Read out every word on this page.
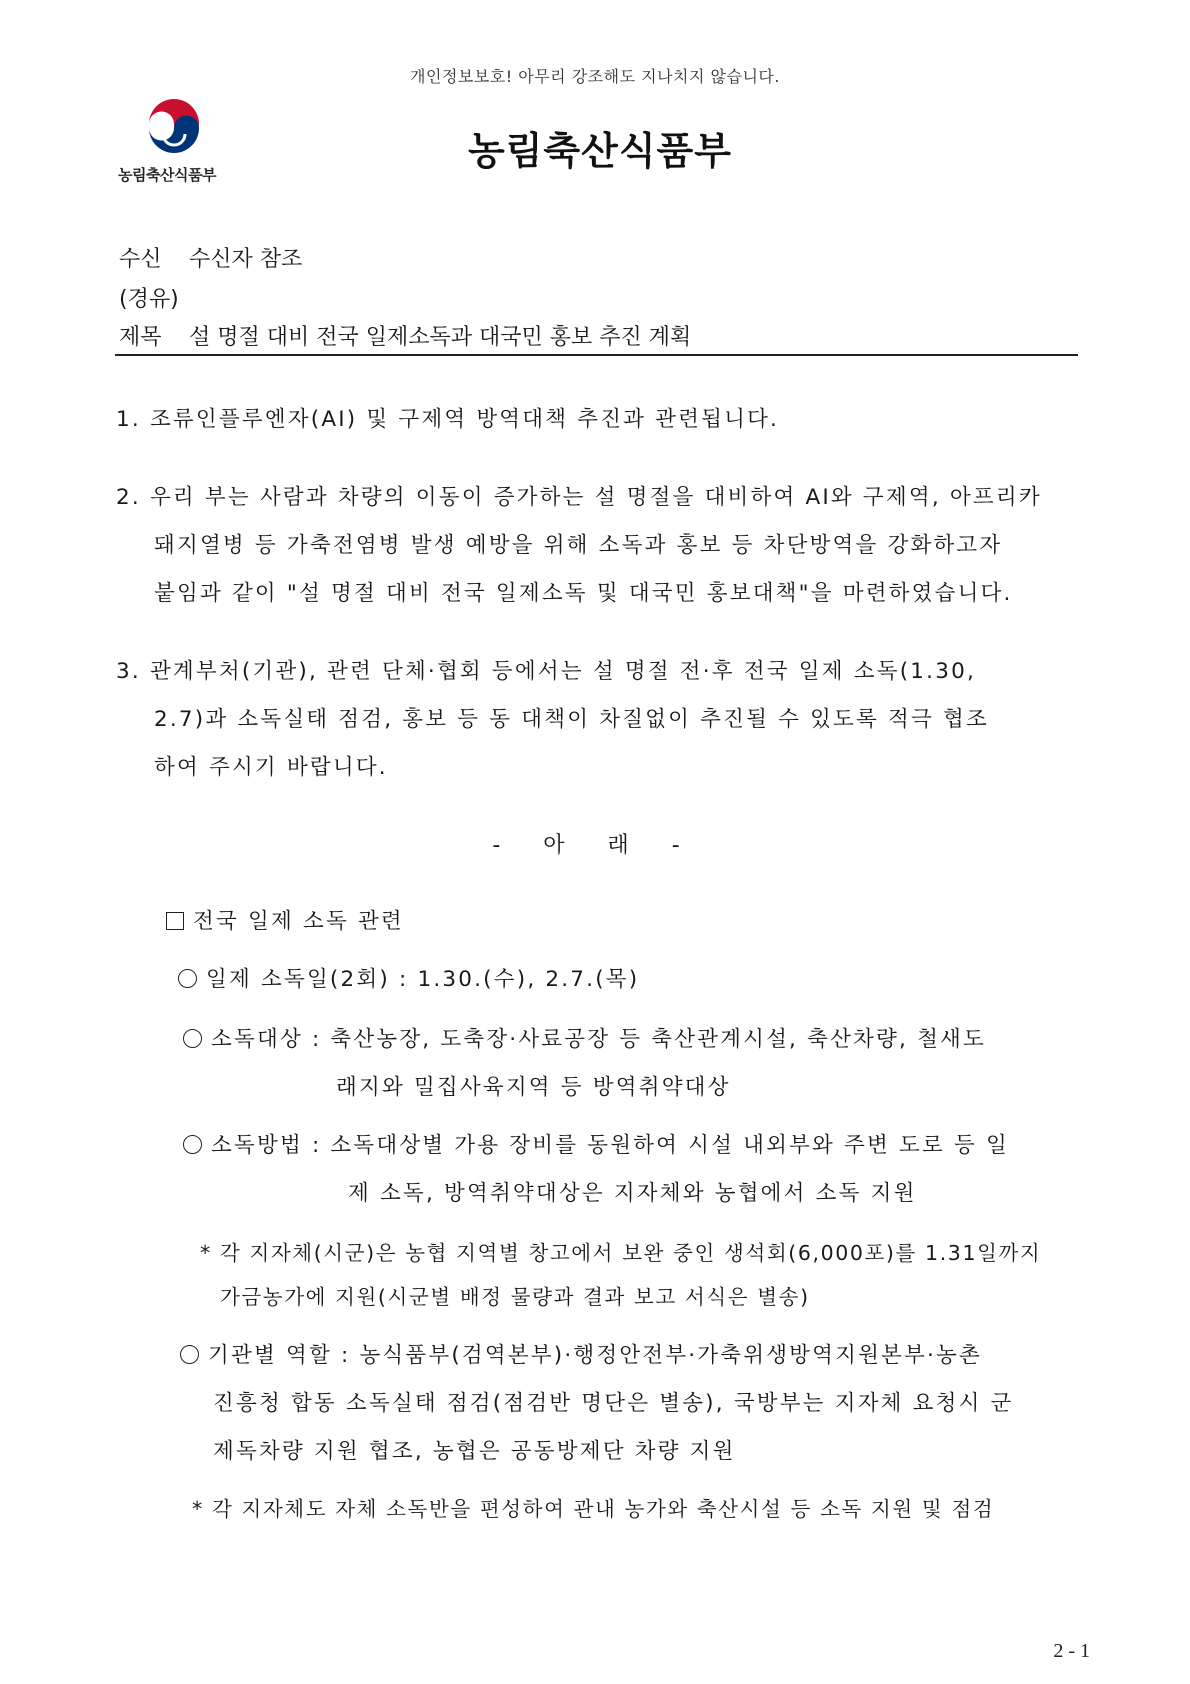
개인정보보호! 아무리 강조해도 지나치지 않습니다.
농림축산식품부
농림축산식품부
수신 수신자 참조
(경유)
제목 설 명절 대비 전국 일제소독과 대국민 홍보 추진 계획
1. 조류인플루엔자(AI) 및 구제역 방역대책 추진과 관련됩니다.
2. 우리 부는 사람과 차량의 이동이 증가하는 설 명절을 대비하여 AI와 구제역, 아프리카
돼지열병 등 가축전염병 발생 예방을 위해 소독과 홍보 등 차단방역을 강화하고자
붙임과 같이 "설 명절 대비 전국 일제소독 및 대국민 홍보대책"을 마련하였습니다.
3. 관계부처(기관), 관련 단체·협회 등에서는 설 명절 전·후 전국 일제 소독(1.30,
2.7)과 소독실태 점검, 홍보 등 동 대책이 차질없이 추진될 수 있도록 적극 협조
하여 주시기 바랍니다.
- 아 래 -
전국 일제 소독 관련
일제 소독일(2회) : 1.30.(수), 2.7.(목)
소독대상 : 축산농장, 도축장·사료공장 등 축산관계시설, 축산차량, 철새도
래지와 밀집사육지역 등 방역취약대상
소독방법 : 소독대상별 가용 장비를 동원하여 시설 내외부와 주변 도로 등 일
제 소독, 방역취약대상은 지자체와 농협에서 소독 지원
* 각 지자체(시군)은 농협 지역별 창고에서 보완 중인 생석회(6,000포)를 1.31일까지
가금농가에 지원(시군별 배정 물량과 결과 보고 서식은 별송)
기관별 역할 : 농식품부(검역본부)·행정안전부·가축위생방역지원본부·농촌
진흥청 합동 소독실태 점검(점검반 명단은 별송), 국방부는 지자체 요청시 군
제독차량 지원 협조, 농협은 공동방제단 차량 지원
* 각 지자체도 자체 소독반을 편성하여 관내 농가와 축산시설 등 소독 지원 및 점검
2 - 1
